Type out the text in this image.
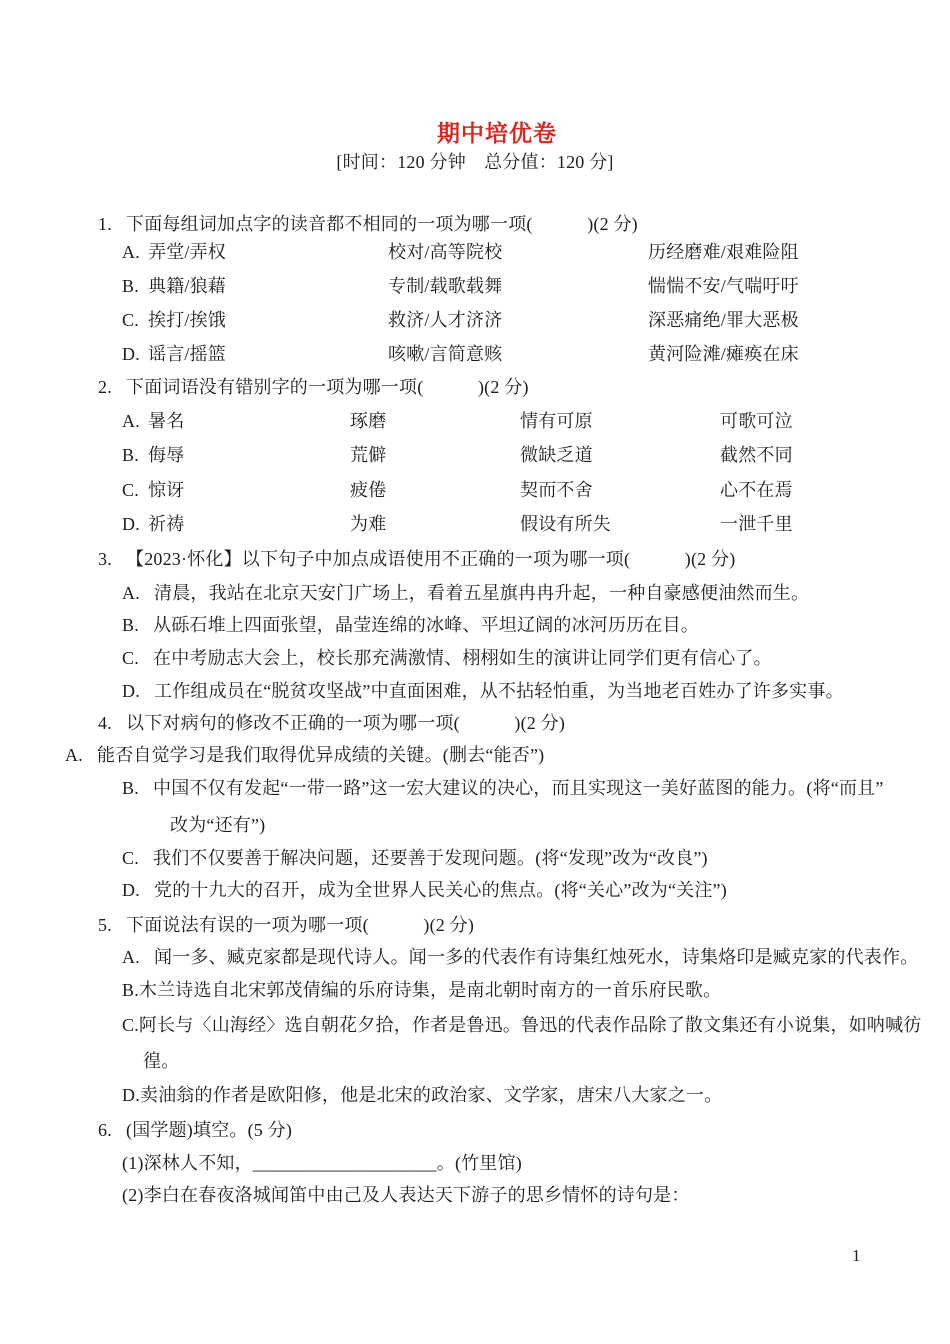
期中培优卷
[时间：120 分钟　总分值：120 分]
1.   下面每组词加点字的读音都不相同的一项为哪一项(　　　)(2 分)
A. 弄堂/弄权	校对/高等院校	历经磨难/艰难险阻
B. 典籍/狼藉	专制/载歌载舞	惴惴不安/气喘吁吁
C. 挨打/挨饿	救济/人才济济	深恶痛绝/罪大恶极
D. 谣言/摇篮	咳嗽/言简意赅	黄河险滩/瘫痪在床
2.   下面词语没有错别字的一项为哪一项(　　　)(2 分)
A. 暑名	琢磨	情有可原	可歌可泣
B. 侮辱	荒僻	微缺乏道	截然不同
C. 惊讶	疲倦	契而不舍	心不在焉
D. 祈祷	为难	假设有所失	一泄千里
3.   【2023·怀化】以下句子中加点成语使用不正确的一项为哪一项(　　　)(2 分)
A.   清晨，我站在北京天安门广场上，看着五星旗冉冉升起，一种自豪感便油然而生。
B.   从砾石堆上四面张望，晶莹连绵的冰峰、平坦辽阔的冰河历历在目。
C.   在中考励志大会上，校长那充满激情、栩栩如生的演讲让同学们更有信心了。
D.   工作组成员在“脱贫攻坚战”中直面困难，从不拈轻怕重，为当地老百姓办了许多实事。
4.   以下对病句的修改不正确的一项为哪一项(　　　)(2 分)
A.   能否自觉学习是我们取得优异成绩的关键。(删去“能否”)
B.   中国不仅有发起“一带一路”这一宏大建议的决心，而且实现这一美好蓝图的能力。(将“而且”
改为“还有”)
C.   我们不仅要善于解决问题，还要善于发现问题。(将“发现”改为“改良”)
D.   党的十九大的召开，成为全世界人民关心的焦点。(将“关心”改为“关注”)
5.   下面说法有误的一项为哪一项(　　　)(2 分)
A.   闻一多、臧克家都是现代诗人。闻一多的代表作有诗集红烛死水，诗集烙印是臧克家的代表作。
B.木兰诗选自北宋郭茂倩编的乐府诗集，是南北朝时南方的一首乐府民歌。
C.阿长与〈山海经〉选自朝花夕拾，作者是鲁迅。鲁迅的代表作品除了散文集还有小说集，如呐喊彷
徨。
D.卖油翁的作者是欧阳修，他是北宋的政治家、文学家，唐宋八大家之一。
6.   (国学题)填空。(5 分)
(1)深林人不知，____________________。(竹里馆)
(2)李白在春夜洛城闻笛中由己及人表达天下游子的思乡情怀的诗句是：
1
